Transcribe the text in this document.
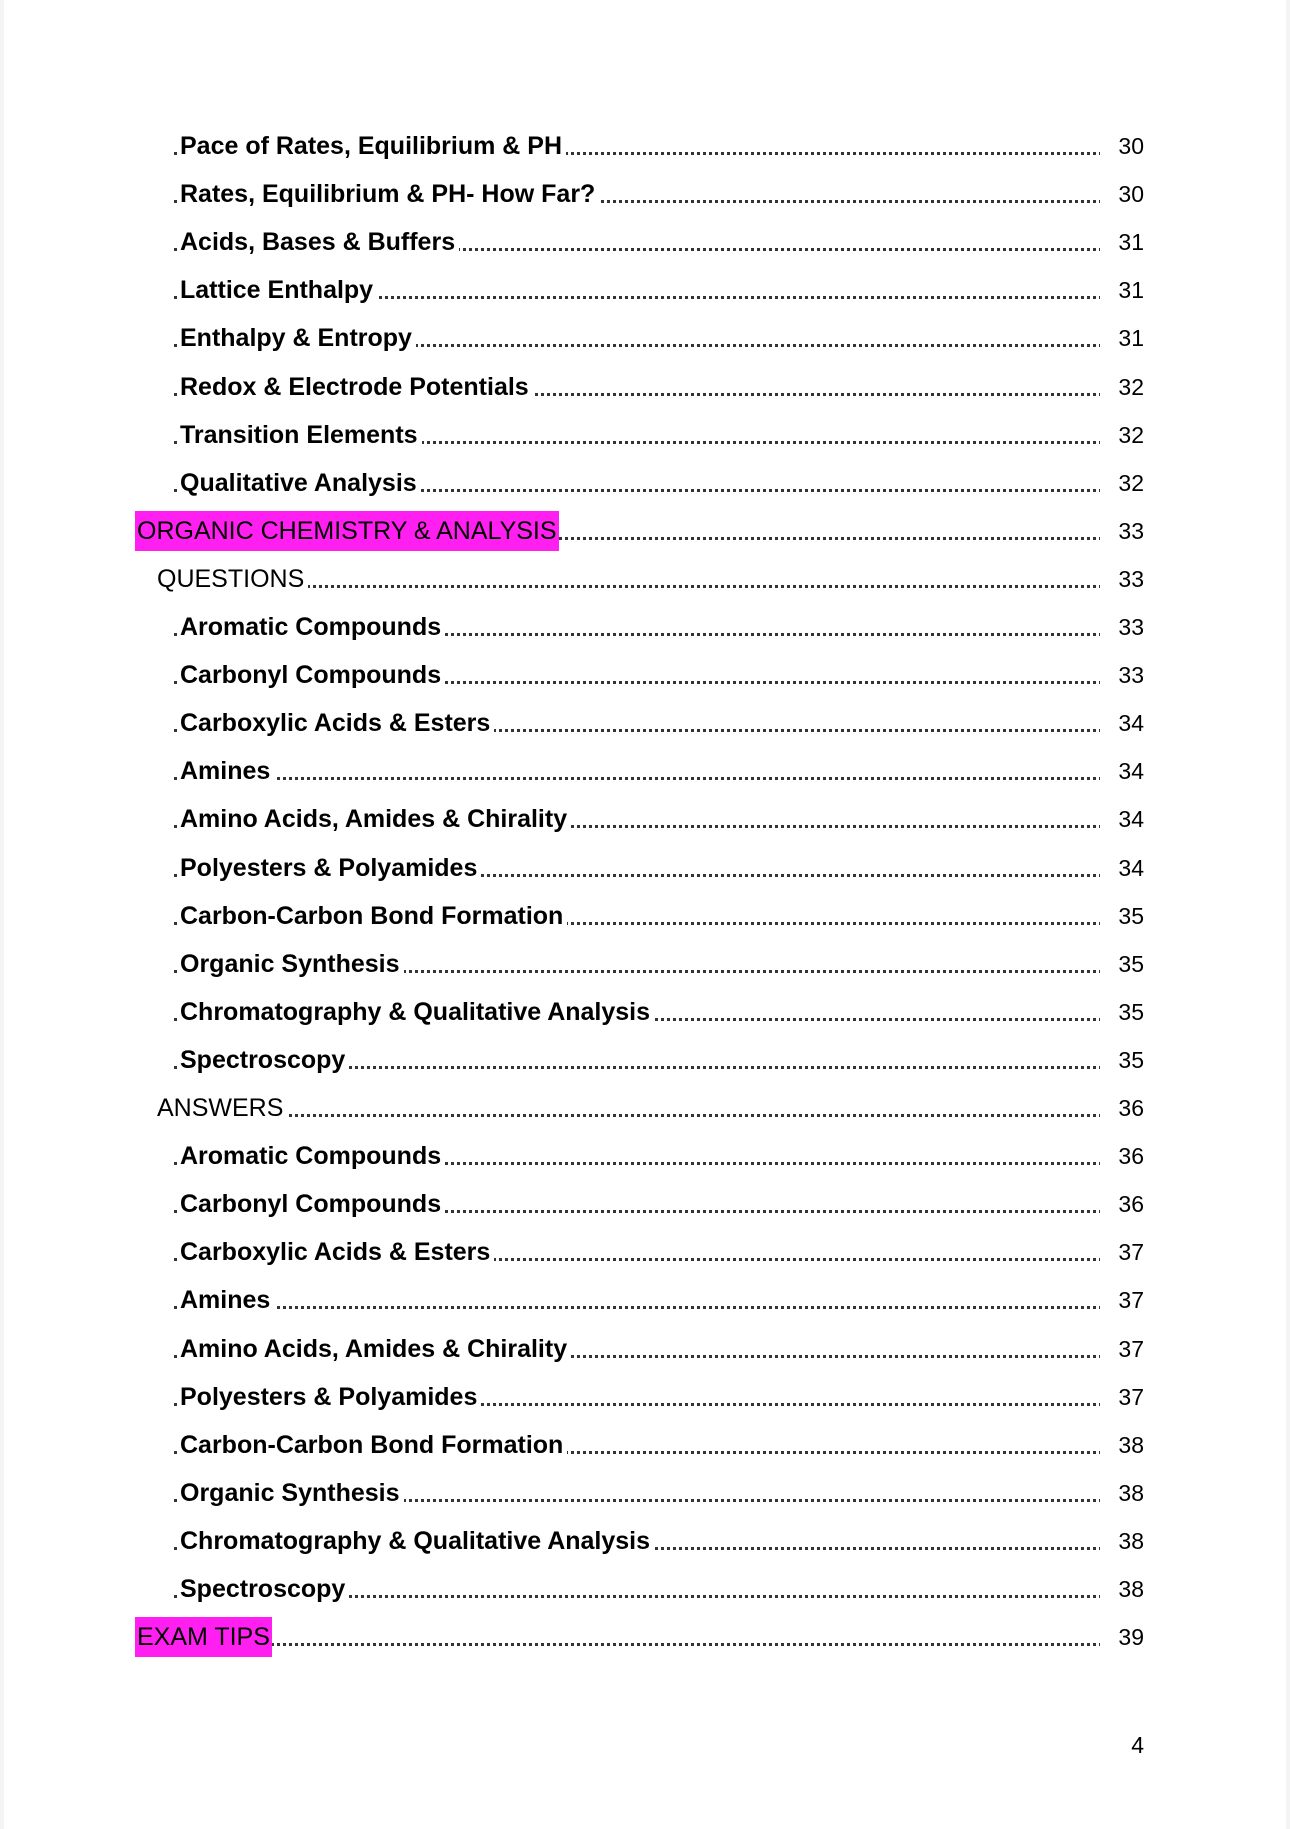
Pace of Rates, Equilibrium & PH	30
Rates, Equilibrium & PH- How Far?	30
Acids, Bases & Buffers	31
Lattice Enthalpy	31
Enthalpy & Entropy	31
Redox & Electrode Potentials	32
Transition Elements	32
Qualitative Analysis	32
ORGANIC CHEMISTRY & ANALYSIS	33
QUESTIONS	33
Aromatic Compounds	33
Carbonyl Compounds	33
Carboxylic Acids & Esters	34
Amines	34
Amino Acids, Amides & Chirality	34
Polyesters & Polyamides	34
Carbon-Carbon Bond Formation	35
Organic Synthesis	35
Chromatography & Qualitative Analysis	35
Spectroscopy	35
ANSWERS	36
Aromatic Compounds	36
Carbonyl Compounds	36
Carboxylic Acids & Esters	37
Amines	37
Amino Acids, Amides & Chirality	37
Polyesters & Polyamides	37
Carbon-Carbon Bond Formation	38
Organic Synthesis	38
Chromatography & Qualitative Analysis	38
Spectroscopy	38
EXAM TIPS	39
4
